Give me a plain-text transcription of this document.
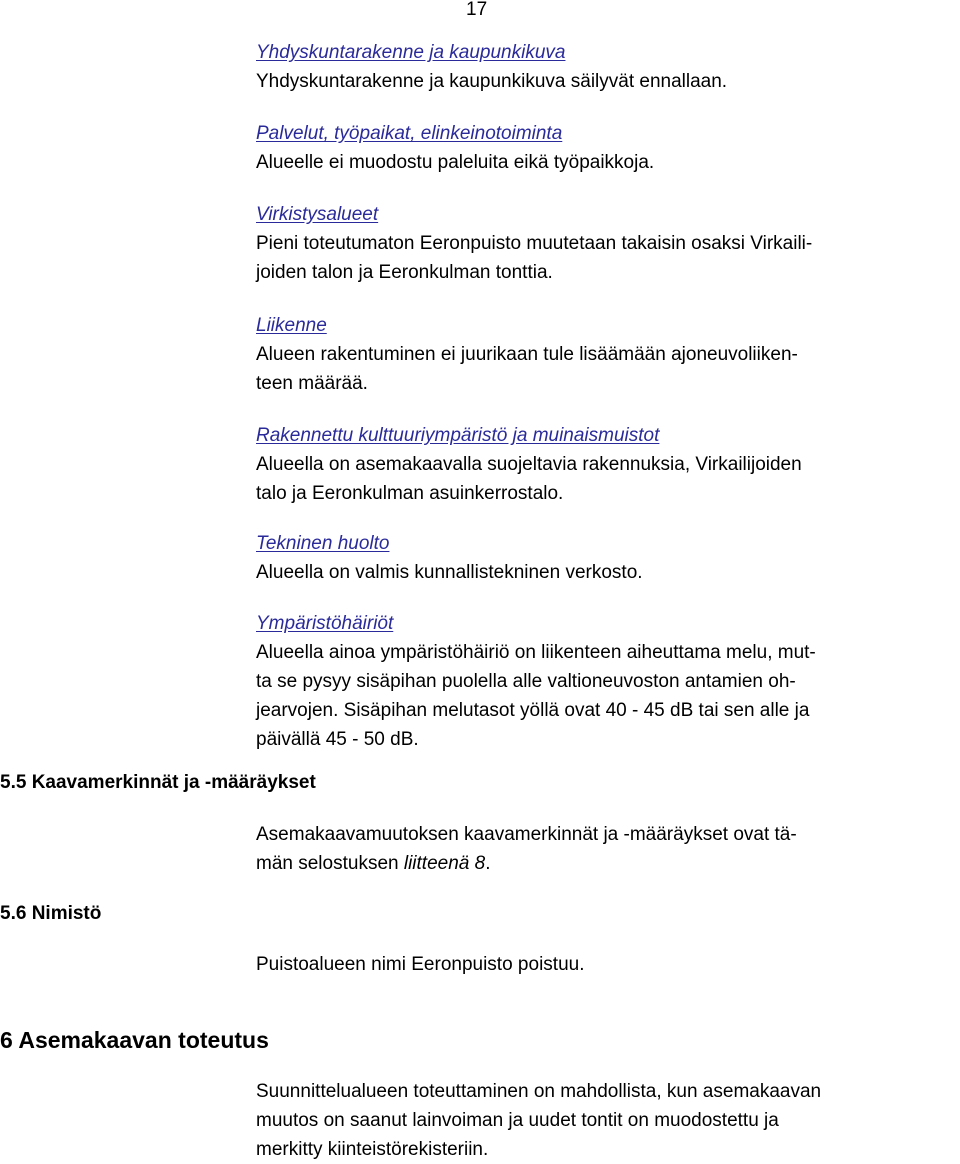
17
Yhdyskuntarakenne ja kaupunkikuva

Yhdyskuntarakenne ja kaupunkikuva säilyvät ennallaan.

Palvelut, työpaikat, elinkeinotoiminta

Alueelle ei muodostu paleluita eikä työpaikkoja.

Virkistysalueet

Pieni toteutumaton Eeronpuisto muutetaan takaisin osaksi Virkaili-
joiden talon ja Eeronkulman tonttia.

Liikenne

Alueen rakentuminen ei juurikaan tule lisäämään ajoneuvoliiken-
teen määrää.

Rakennettu kulttuuriympäristö ja muinaismuistot

Alueella on asemakaavalla suojeltavia rakennuksia, Virkailijoiden
talo ja Eeronkulman asuinkerrostalo.

Tekninen huolto

Alueella on valmis kunnallistekninen verkosto.

Ympäristöhäiriöt

Alueella ainoa ympäristöhäiriö on liikenteen aiheuttama melu, mut-
ta se pysyy sisäpihan puolella alle valtioneuvoston antamien oh-
jearvojen. Sisäpihan melutasot yöllä ovat 40 - 45 dB tai sen alle ja
päivällä 45 - 50 dB.

5.5 Kaavamerkinnät ja -määräykset

Asemakaavamuutoksen kaavamerkinnät ja -määräykset ovat tä-
män selostuksen liitteenä 8.

5.6 Nimistö

Puistoalueen nimi Eeronpuisto poistuu.

6 Asemakaavan toteutus

Suunnittelualueen toteuttaminen on mahdollista, kun asemakaavan
muutos on saanut lainvoiman ja uudet tontit on muodostettu ja
merkitty kiinteistörekisteriin.
